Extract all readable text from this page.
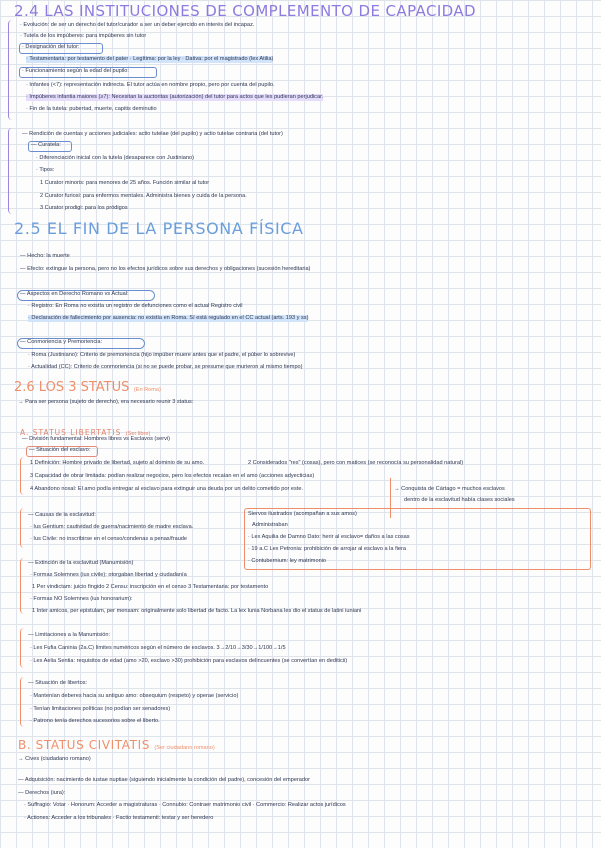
2.4 LAS INSTITUCIONES DE COMPLEMENTO DE CAPACIDAD
· Evolución: de ser un derecho del tutor/curador a ser un deber ejercido en interés del incapaz.
· Tutela de los impúberes: para impúberes sin tutor
· Designación del tutor:
· Testamentaria: por testamento del pater · Legítima: por la ley · Dativa: por el magistrado (lex Atilia)
· Funcionamiento según la edad del pupilo:
· Infantes (<7): representación indirecta. El tutor actúa en nombre propio, pero por cuenta del pupilo.
· Impúberes infantia maiores (≥7): Necesitan la auctoritas (autorización) del tutor para actos que les pudieran perjudicar.
· Fin de la tutela: pubertad, muerte, capitis deminutio
— Rendición de cuentas y acciones judiciales: actio tutelae (del pupilo) y actio tutelae contraria (del tutor)
— Curatela:
· Diferenciación inicial con la tutela (desaparece con Justiniano)
· Tipos:
1 Curator minoris: para menores de 25 años. Función similar al tutor
2 Curator furiosi: para enfermos mentales. Administra bienes y cuida de la persona.
3 Curator prodigi: para los pródigos
2.5 EL FIN DE LA PERSONA FÍSICA
— Hecho: la muerte
— Efecto: extingue la persona, pero no los efectos jurídicos sobre sus derechos y obligaciones (sucesión hereditaria)
— Aspectos en Derecho Romano vs Actual:
· Registro: En Roma no existía un registro de defunciones como el actual Registro civil
· Declaración de fallecimiento por ausencia: no existía en Roma. Sí está regulado en el CC actual (arts. 193 y ss)
— Conmoriencia y Premoriencia:
· Roma (Justiniano): Criterio de premoriencia (hijo impúber muere antes que el padre, el púber lo sobrevive)
· Actualidad (CC): Criterio de conmoriencia (si no se puede probar, se presume que murieron al mismo tiempo)
2.6 LOS 3 STATUS (En Roma)
→ Para ser persona (sujeto de derecho), era necesario reunir 3 status:
A. STATUS LIBERTATIS (Ser libre)
— División fundamental: Hombres libres vs Esclavos (servi)
— Situación del esclavo:
1 Definición: Hombre privado de libertad, sujeto al dominio de su amo.	2 Considerados "res" (cosas), pero con matices (se reconocía su personalidad natural)
3 Capacidad de obrar limitada: podían realizar negocios, pero los efectos recaían en el amo (acciones adyecticias)
4 Abandono noxal: El amo podía entregar al esclavo para extinguir una deuda por un delito cometido por este.	→ Conquista de Cártago = muchos esclavos
dentro de la esclavitud había clases sociales
— Causas de la esclavitud:
· Ius Gentium: cautividad de guerra/nacimiento de madre esclava.
· Ius Civile: no inscribirse en el censo/condenas a penas/fraude
Siervos ilustrados (acompañan a sus amos)
Administraban
· Lex Aquilia de Damno Dato: herir al esclavo= daños a las cosas
· 19 a.C Lex Petronia: prohibición de arrojar al esclavo a la fiera
· Contubernium: ley matrimonio
— Extinción de la esclavitud (Manumisión)
· Formas Solemnes (ius civile): otorgaban libertad y ciudadanía
1 Per vindictam: juicio fingido 2 Censu: inscripción en el censo 3 Testamentaria: por testamento
· Formas NO Solemnes (ius honorarium):
1 Inter amicos, per epistulam, per mensam: originalmente solo libertad de facto. La lex Iunia Norbana les dio el status de latini iuniani
— Limitaciones a la Manumisión:
· Lex Fufia Caninia (2a.C) límites numéricos según el número de esclavos. 3→2/10→3/30→1/100→1/5
· Lex Aelia Sentia: requisitos de edad (amo >20, esclavo >30) prohibición para esclavos delincuentes (se convertían en dediticii)
— Situación de libertos:
· Mantenían deberes hacia su antiguo amo: obsequium (respeto) y operae (servicio)
· Tenían limitaciones políticas (no podían ser senadores)
· Patrono tenía derechos sucesorios sobre el liberto.
B. STATUS CIVITATIS (Ser ciudadano romano)
→ Cives (ciudadano romano)
— Adquisición: nacimiento de iustae nuptiae (siguiendo inicialmente la condición del padre), concesión del emperador
— Derechos (iura):
· Suffragio: Votar · Honorum: Acceder a magistraturas · Connubio: Contraer matrimonio civil · Commercio: Realizar actos jurídicos
· Actiones: Acceder a los tribunales · Factio testamenti: testar y ser heredero
